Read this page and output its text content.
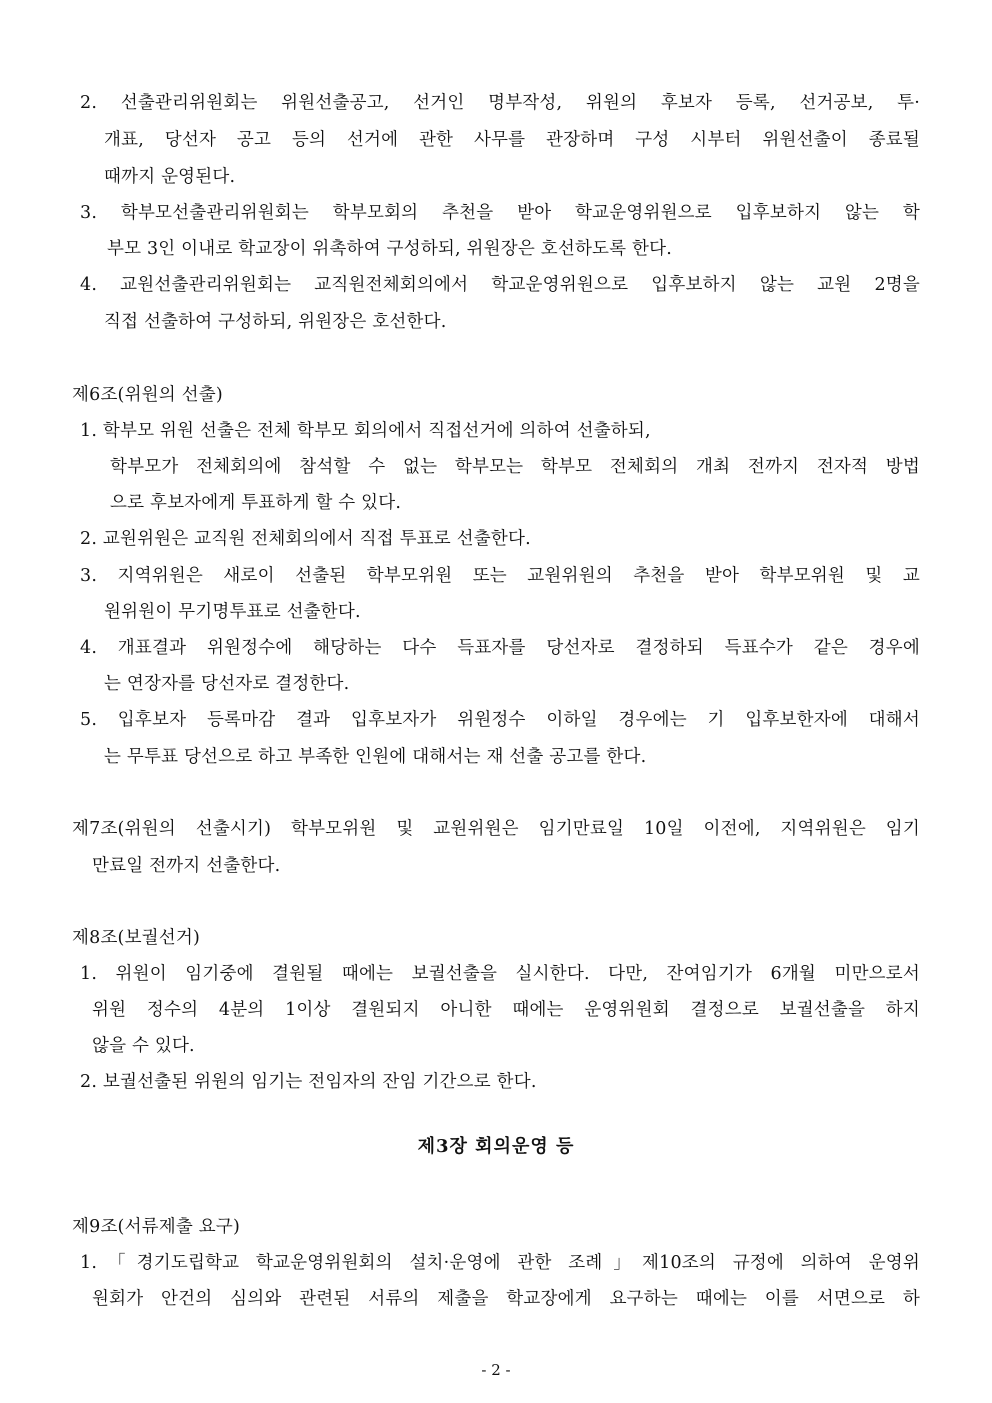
2. 선출관리위원회는 위원선출공고, 선거인 명부작성, 위원의 후보자 등록, 선거공보, 투·
개표, 당선자 공고 등의 선거에 관한 사무를 관장하며 구성 시부터 위원선출이 종료될
때까지 운영된다.
3. 학부모선출관리위원회는 학부모회의 추천을 받아 학교운영위원으로 입후보하지 않는 학
부모 3인 이내로 학교장이 위촉하여 구성하되, 위원장은 호선하도록 한다.
4. 교원선출관리위원회는 교직원전체회의에서 학교운영위원으로 입후보하지 않는 교원 2명을
직접 선출하여 구성하되, 위원장은 호선한다.
제6조(위원의 선출)
1. 학부모 위원 선출은 전체 학부모 회의에서 직접선거에 의하여 선출하되,
학부모가 전체회의에 참석할 수 없는 학부모는 학부모 전체회의 개최 전까지 전자적 방법
으로 후보자에게 투표하게 할 수 있다.
2. 교원위원은 교직원 전체회의에서 직접 투표로 선출한다.
3. 지역위원은 새로이 선출된 학부모위원 또는 교원위원의 추천을 받아 학부모위원 및 교
원위원이 무기명투표로 선출한다.
4. 개표결과 위원정수에 해당하는 다수 득표자를 당선자로 결정하되 득표수가 같은 경우에
는 연장자를 당선자로 결정한다.
5. 입후보자 등록마감 결과 입후보자가 위원정수 이하일 경우에는 기 입후보한자에 대해서
는 무투표 당선으로 하고 부족한 인원에 대해서는 재 선출 공고를 한다.
제7조(위원의 선출시기) 학부모위원 및 교원위원은 임기만료일 10일 이전에, 지역위원은 임기
만료일 전까지 선출한다.
제8조(보궐선거)
1. 위원이 임기중에 결원될 때에는 보궐선출을 실시한다. 다만, 잔여임기가 6개월 미만으로서
위원 정수의 4분의 1이상 결원되지 아니한 때에는 운영위원회 결정으로 보궐선출을 하지
않을 수 있다.
2. 보궐선출된 위원의 임기는 전임자의 잔임 기간으로 한다.
제3장 회의운영 등
제9조(서류제출 요구)
1.「경기도립학교 학교운영위원회의 설치·운영에 관한 조례」제10조의 규정에 의하여 운영위
원회가 안건의 심의와 관련된 서류의 제출을 학교장에게 요구하는 때에는 이를 서면으로 하
- 2 -
